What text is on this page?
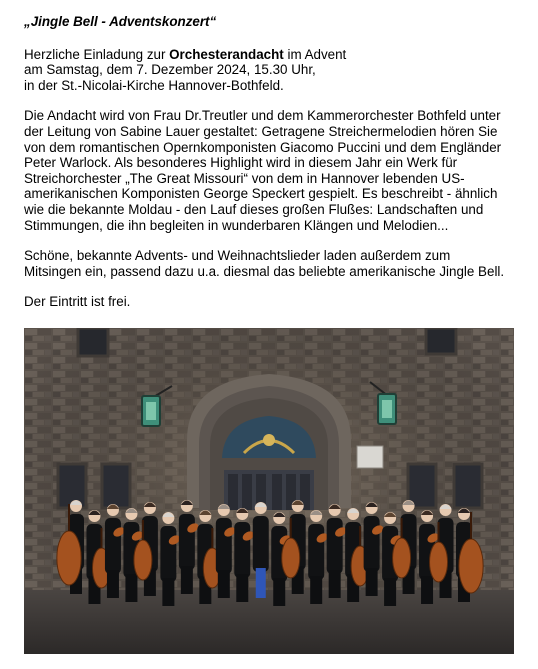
„Jingle Bell - Adventskonzert“

Herzliche Einladung zur Orchesterandacht im Advent
am Samstag, dem 7. Dezember 2024, 15.30 Uhr,
in der St.-Nicolai-Kirche Hannover-Bothfeld.

Die Andacht wird von Frau Dr.Treutler und dem Kammerorchester Bothfeld unter
der Leitung von Sabine Lauer gestaltet: Getragene Streichermelodien hören Sie
von dem romantischen Opernkomponisten Giacomo Puccini und dem Engländer
Peter Warlock. Als besonderes Highlight wird in diesem Jahr ein Werk für
Streichorchester „The Great Missouri“ von dem in Hannover lebenden US-
amerikanischen Komponisten George Speckert gespielt. Es beschreibt - ähnlich
wie die bekannte Moldau - den Lauf dieses großen Flußes: Landschaften und
Stimmungen, die ihn begleiten in wunderbaren Klängen und Melodien...

Schöne, bekannte Advents- und Weihnachtslieder laden außerdem zum
Mitsingen ein, passend dazu u.a. diesmal das beliebte amerikanische Jingle Bell.

Der Eintritt ist frei.
